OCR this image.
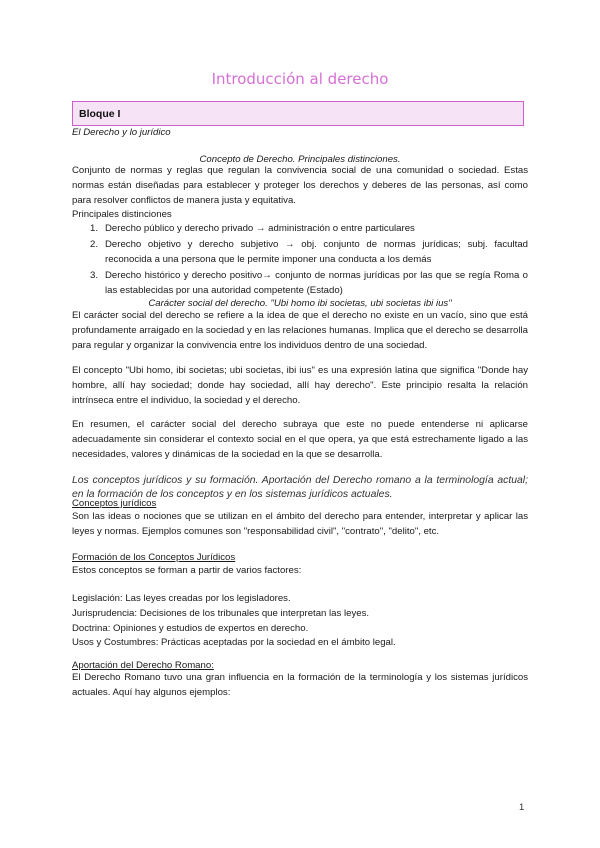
Introducción al derecho
Bloque I
El Derecho y lo jurídico
Concepto de Derecho. Principales distinciones.
Conjunto de normas y reglas que regulan la convivencia social de una comunidad o sociedad. Estas normas están diseñadas para establecer y proteger los derechos y deberes de las personas, así como para resolver conflictos de manera justa y equitativa.
Principales distinciones
1. Derecho público y derecho privado → administración o entre particulares
2. Derecho objetivo y derecho subjetivo → obj. conjunto de normas jurídicas; subj. facultad reconocida a una persona que le permite imponer una conducta a los demás
3. Derecho histórico y derecho positivo→ conjunto de normas jurídicas por las que se regía Roma o las establecidas por una autoridad competente (Estado)
Carácter social del derecho. "Ubi homo ibi societas, ubi societas ibi ius"
El carácter social del derecho se refiere a la idea de que el derecho no existe en un vacío, sino que está profundamente arraigado en la sociedad y en las relaciones humanas. Implica que el derecho se desarrolla para regular y organizar la convivencia entre los individuos dentro de una sociedad.
El concepto "Ubi homo, ibi societas; ubi societas, ibi ius" es una expresión latina que significa "Donde hay hombre, allí hay sociedad; donde hay sociedad, allí hay derecho". Este principio resalta la relación intrínseca entre el individuo, la sociedad y el derecho.
En resumen, el carácter social del derecho subraya que este no puede entenderse ni aplicarse adecuadamente sin considerar el contexto social en el que opera, ya que está estrechamente ligado a las necesidades, valores y dinámicas de la sociedad en la que se desarrolla.
Los conceptos jurídicos y su formación. Aportación del Derecho romano a la terminología actual; en la formación de los conceptos y en los sistemas jurídicos actuales.
Conceptos jurídicos
Son las ideas o nociones que se utilizan en el ámbito del derecho para entender, interpretar y aplicar las leyes y normas. Ejemplos comunes son "responsabilidad civil", "contrato", "delito", etc.
Formación de los Conceptos Jurídicos
Estos conceptos se forman a partir de varios factores:
Legislación: Las leyes creadas por los legisladores.
Jurisprudencia: Decisiones de los tribunales que interpretan las leyes.
Doctrina: Opiniones y estudios de expertos en derecho.
Usos y Costumbres: Prácticas aceptadas por la sociedad en el ámbito legal.
Aportación del Derecho Romano:
El Derecho Romano tuvo una gran influencia en la formación de la terminología y los sistemas jurídicos actuales. Aquí hay algunos ejemplos:
1
